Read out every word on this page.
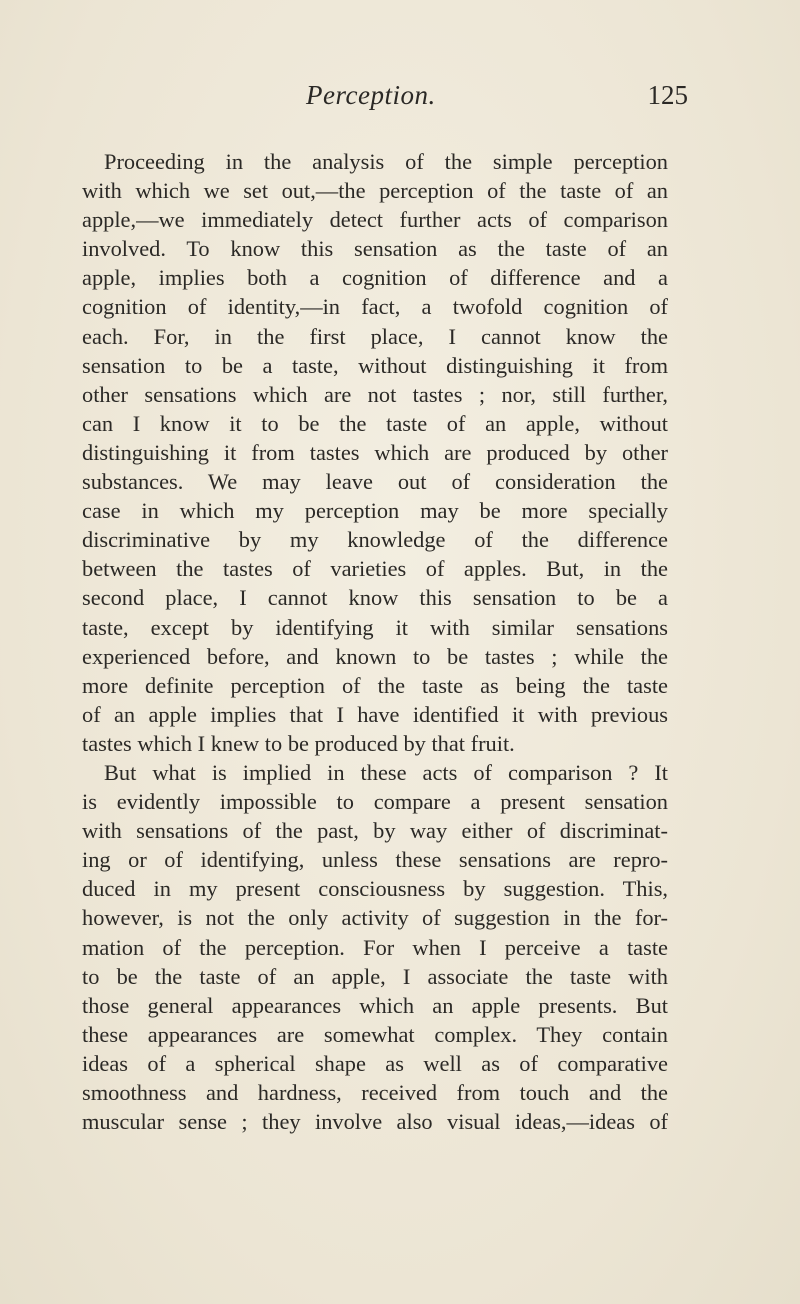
Perception.	125
Proceeding in the analysis of the simple perception
with which we set out,—the perception of the taste of an
apple,—we immediately detect further acts of comparison
involved. To know this sensation as the taste of an
apple, implies both a cognition of difference and a
cognition of identity,—in fact, a twofold cognition of
each. For, in the first place, I cannot know the
sensation to be a taste, without distinguishing it from
other sensations which are not tastes ; nor, still further,
can I know it to be the taste of an apple, without
distinguishing it from tastes which are produced by other
substances. We may leave out of consideration the
case in which my perception may be more specially
discriminative by my knowledge of the difference
between the tastes of varieties of apples. But, in the
second place, I cannot know this sensation to be a
taste, except by identifying it with similar sensations
experienced before, and known to be tastes ; while the
more definite perception of the taste as being the taste
of an apple implies that I have identified it with previous
tastes which I knew to be produced by that fruit.
But what is implied in these acts of comparison ? It
is evidently impossible to compare a present sensation
with sensations of the past, by way either of discriminat-
ing or of identifying, unless these sensations are repro-
duced in my present consciousness by suggestion. This,
however, is not the only activity of suggestion in the for-
mation of the perception. For when I perceive a taste
to be the taste of an apple, I associate the taste with
those general appearances which an apple presents. But
these appearances are somewhat complex. They contain
ideas of a spherical shape as well as of comparative
smoothness and hardness, received from touch and the
muscular sense ; they involve also visual ideas,—ideas of
